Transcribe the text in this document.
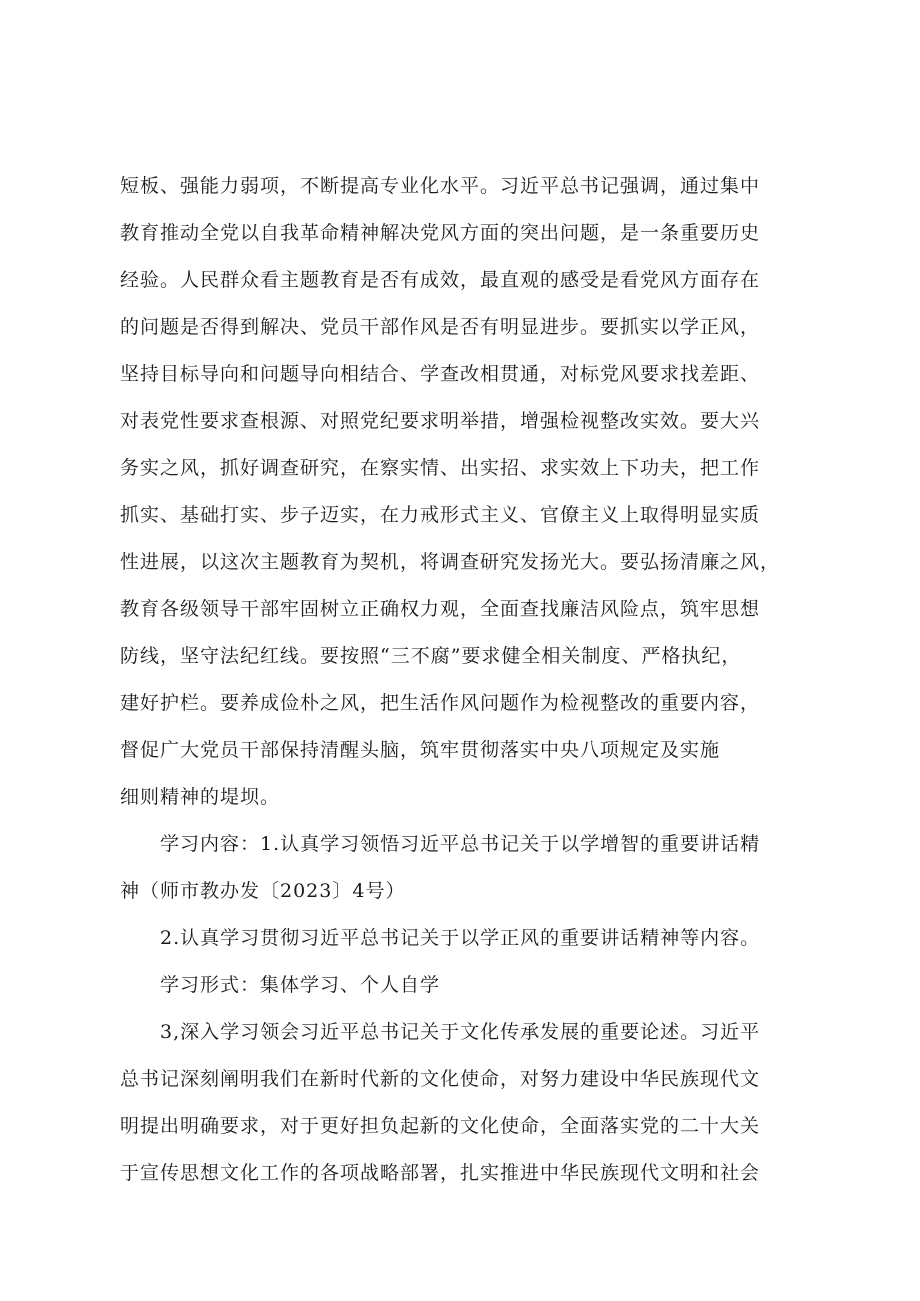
短板、强能力弱项，不断提高专业化水平。习近平总书记强调，通过集中
教育推动全党以自我革命精神解决党风方面的突出问题，是一条重要历史
经验。人民群众看主题教育是否有成效，最直观的感受是看党风方面存在
的问题是否得到解决、党员干部作风是否有明显进步。要抓实以学正风，
坚持目标导向和问题导向相结合、学查改相贯通，对标党风要求找差距、
对表党性要求查根源、对照党纪要求明举措，增强检视整改实效。要大兴
务实之风，抓好调查研究，在察实情、出实招、求实效上下功夫，把工作
抓实、基础打实、步子迈实，在力戒形式主义、官僚主义上取得明显实质
性进展，以这次主题教育为契机，将调查研究发扬光大。要弘扬清廉之风，
教育各级领导干部牢固树立正确权力观，全面查找廉洁风险点，筑牢思想
防线，坚守法纪红线。要按照“三不腐”要求健全相关制度、严格执纪，
建好护栏。要养成俭朴之风，把生活作风问题作为检视整改的重要内容，
督促广大党员干部保持清醒头脑，筑牢贯彻落实中央八项规定及实施
细则精神的堤坝。
学习内容：1.认真学习领悟习近平总书记关于以学增智的重要讲话精
神（师市教办发〔2023〕4号）
2.认真学习贯彻习近平总书记关于以学正风的重要讲话精神等内容。
学习形式：集体学习、个人自学
3,深入学习领会习近平总书记关于文化传承发展的重要论述。习近平
总书记深刻阐明我们在新时代新的文化使命，对努力建设中华民族现代文
明提出明确要求，对于更好担负起新的文化使命，全面落实党的二十大关
于宣传思想文化工作的各项战略部署，扎实推进中华民族现代文明和社会
